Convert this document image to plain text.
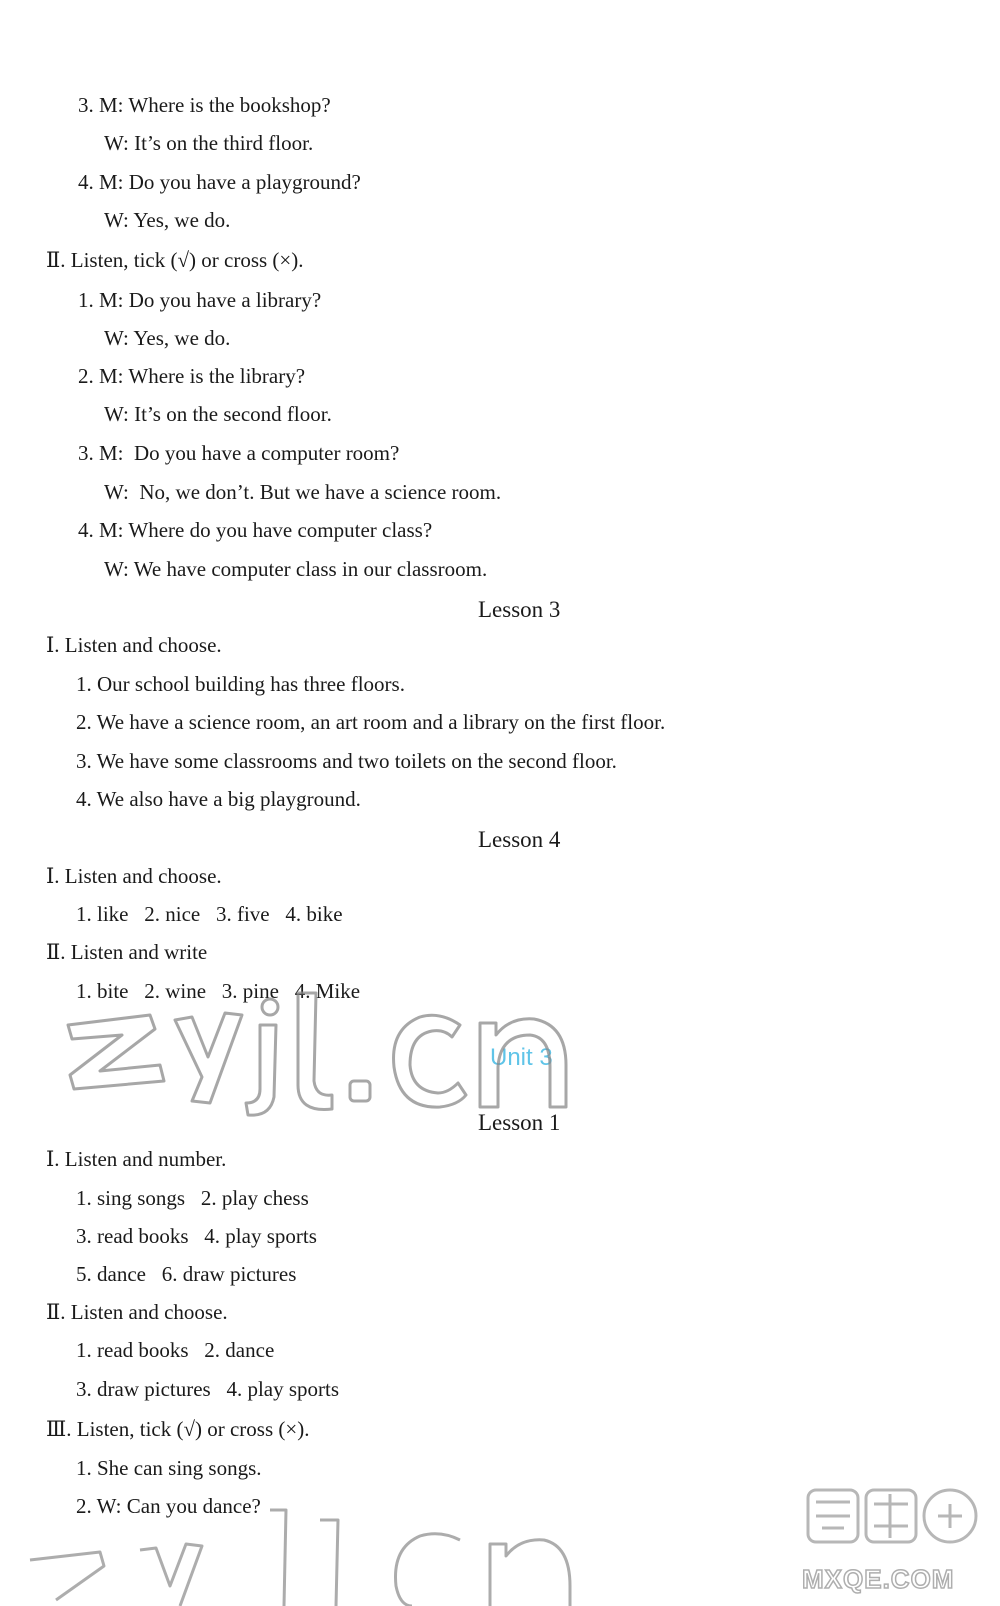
3. M: Where is the bookshop?
W: It’s on the third floor.
4. M: Do you have a playground?
W: Yes, we do.
Ⅱ. Listen, tick (√) or cross (×).
1. M: Do you have a library?
W: Yes, we do.
2. M: Where is the library?
W: It’s on the second floor.
3. M:  Do you have a computer room?
W:  No, we don’t. But we have a science room.
4. M: Where do you have computer class?
W: We have computer class in our classroom.
Lesson 3
Ⅰ. Listen and choose.
1. Our school building has three floors.
2. We have a science room, an art room and a library on the first floor.
3. We have some classrooms and two toilets on the second floor.
4. We also have a big playground.
Lesson 4
Ⅰ. Listen and choose.
1. like   2. nice   3. five   4. bike
Ⅱ. Listen and write
1. bite   2. wine   3. pine   4. Mike
Unit 3
Lesson 1
Ⅰ. Listen and number.
1. sing songs   2. play chess
3. read books   4. play sports
5. dance   6. draw pictures
Ⅱ. Listen and choose.
1. read books   2. dance
3. draw pictures   4. play sports
Ⅲ. Listen, tick (√) or cross (×).
1. She can sing songs.
2. W: Can you dance?
MXQE.COM
